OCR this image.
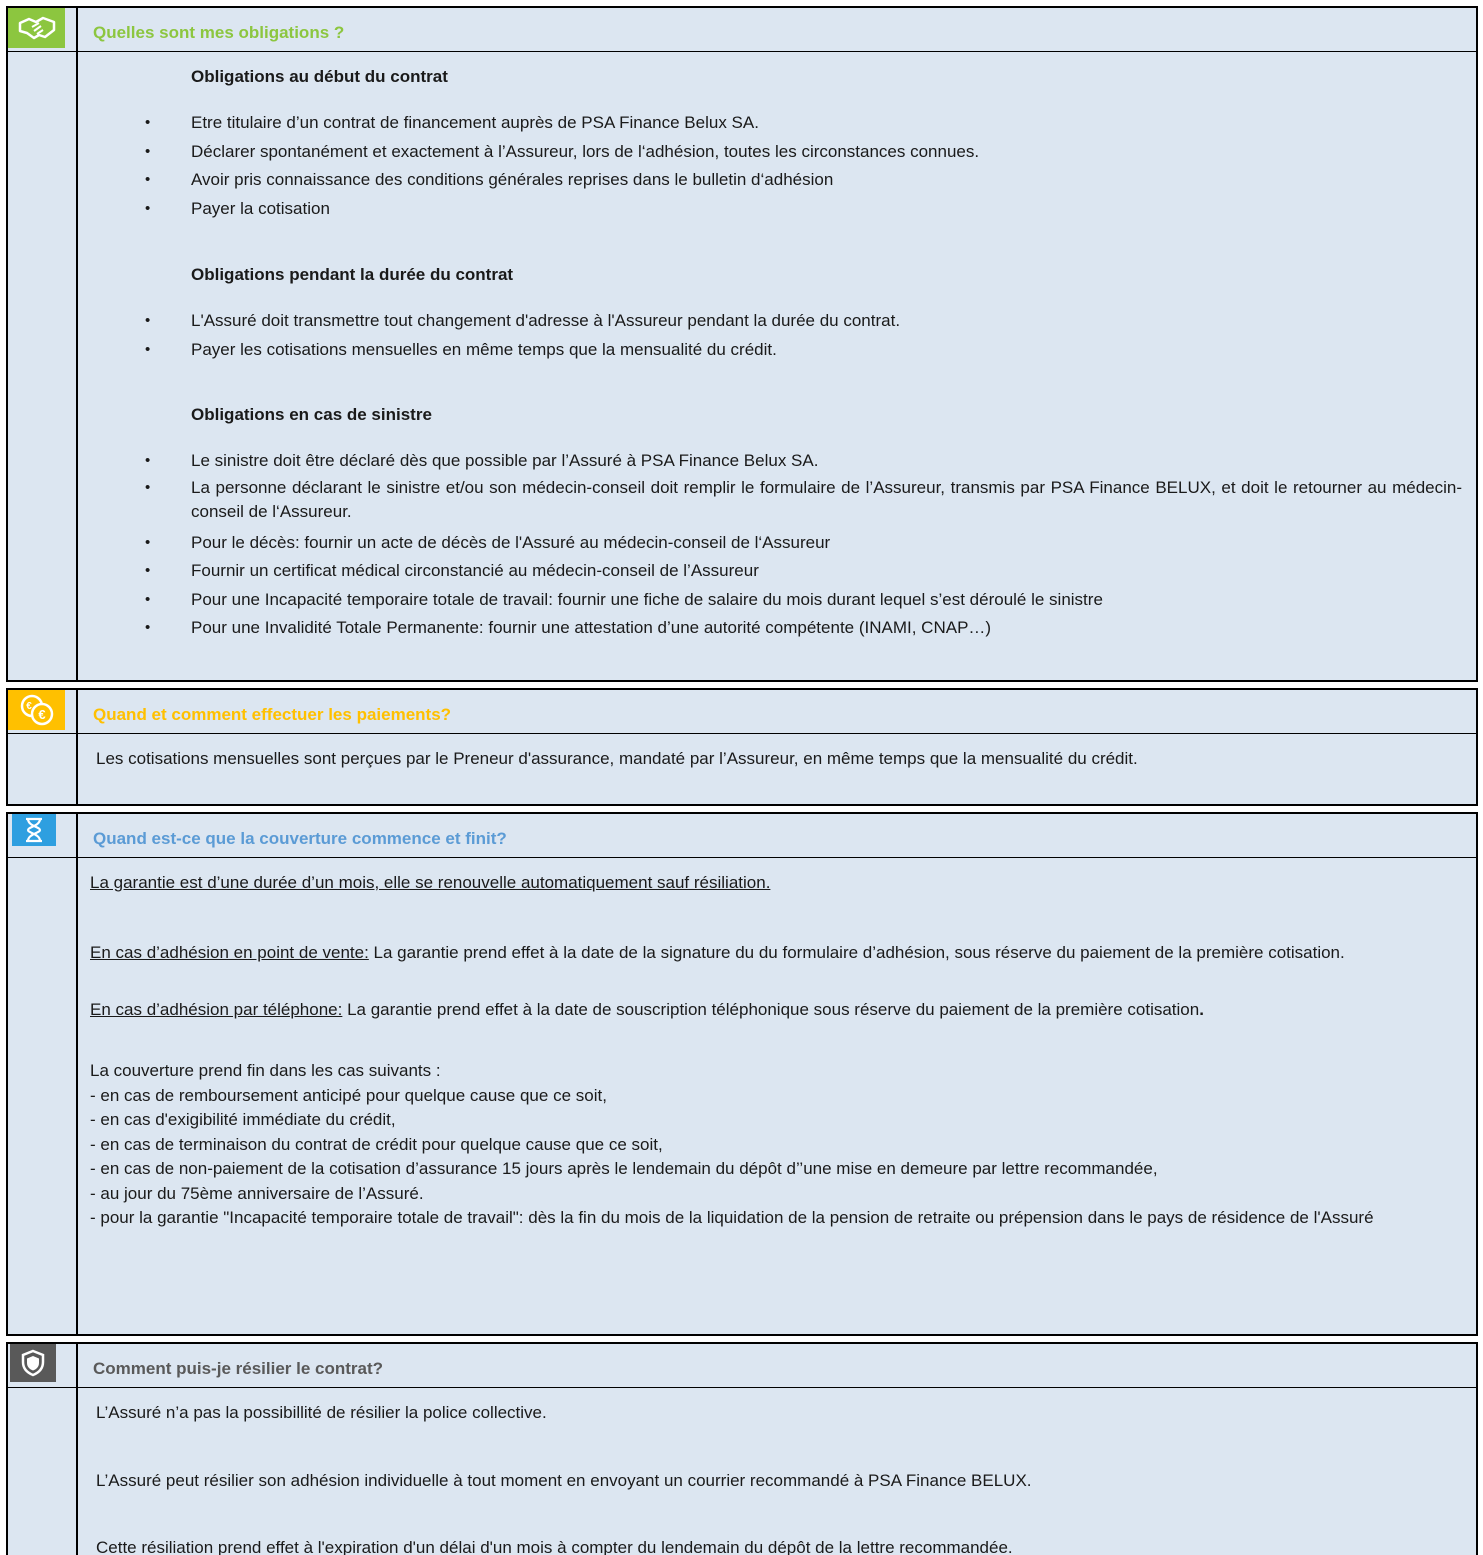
Quelles sont mes obligations ?
Obligations au début du contrat
• Etre titulaire d’un contrat de financement auprès de PSA Finance Belux SA.
• Déclarer spontanément et exactement à l’Assureur, lors de l‘adhésion, toutes les circonstances connues.
• Avoir pris connaissance des conditions générales reprises dans le bulletin d‘adhésion
• Payer la cotisation
Obligations pendant la durée du contrat
• L'Assuré doit transmettre tout changement d'adresse à l'Assureur pendant la durée du contrat.
• Payer les cotisations mensuelles en même temps que la mensualité du crédit.
Obligations en cas de sinistre
• Le sinistre doit être déclaré dès que possible par l’Assuré à PSA Finance Belux SA.
• La personne déclarant le sinistre et/ou son médecin-conseil doit remplir le formulaire de l’Assureur, transmis par PSA Finance BELUX, et doit le retourner au médecin-conseil de l‘Assureur.
• Pour le décès: fournir un acte de décès de l'Assuré au médecin-conseil de l‘Assureur
• Fournir un certificat médical circonstancié au médecin-conseil de l’Assureur
• Pour une Incapacité temporaire totale de travail: fournir une fiche de salaire du mois durant lequel s’est déroulé le sinistre
• Pour une Invalidité Totale Permanente: fournir une attestation d’une autorité compétente (INAMI, CNAP…)
€
€	Quand et comment effectuer les paiements?
Les cotisations mensuelles sont perçues par le Preneur d'assurance, mandaté par l’Assureur, en même temps que la mensualité du crédit.
Quand est-ce que la couverture commence et finit?
La garantie est d’une durée d’un mois, elle se renouvelle automatiquement sauf résiliation.
En cas d’adhésion en point de vente: La garantie prend effet à la date de la signature du du formulaire d’adhésion, sous réserve du paiement de la première cotisation.
En cas d’adhésion par téléphone: La garantie prend effet à la date de souscription téléphonique sous réserve du paiement de la première cotisation.
La couverture prend fin dans les cas suivants :
- en cas de remboursement anticipé pour quelque cause que ce soit,
- en cas d'exigibilité immédiate du crédit,
- en cas de terminaison du contrat de crédit pour quelque cause que ce soit,
- en cas de non-paiement de la cotisation d’assurance 15 jours après le lendemain du dépôt d’’une mise en demeure par lettre recommandée,
- au jour du 75ème anniversaire de l’Assuré.
- pour la garantie "Incapacité temporaire totale de travail": dès la fin du mois de la liquidation de la pension de retraite ou prépension dans le pays de résidence de l'Assuré
Comment puis-je résilier le contrat?
L’Assuré n’a pas la possibillité de résilier la police collective.
L’Assuré peut résilier son adhésion individuelle à tout moment en envoyant un courrier recommandé à PSA Finance BELUX.
Cette résiliation prend effet à l'expiration d'un délai d'un mois à compter du lendemain du dépôt de la lettre recommandée.
